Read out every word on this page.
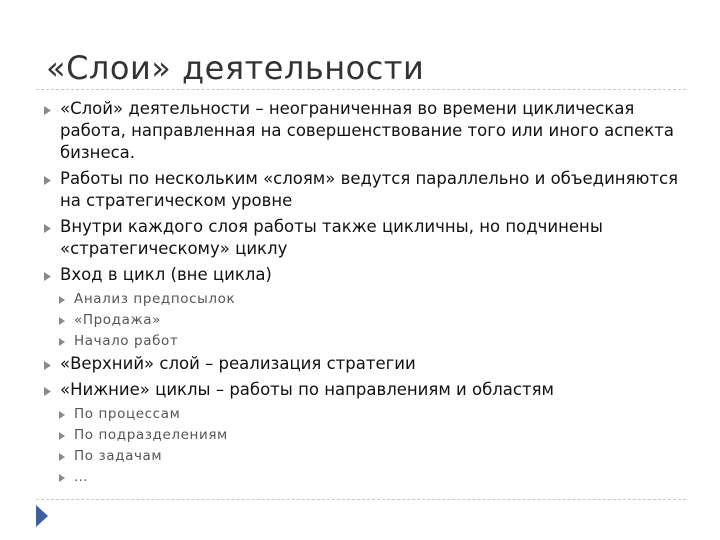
«Слои» деятельности
«Слой» деятельности – неограниченная во времени циклическая работа, направленная на совершенствование того или иного аспекта бизнеса.
Работы по нескольким «слоям» ведутся параллельно и объединяются на стратегическом уровне
Внутри каждого слоя работы также цикличны, но подчинены «стратегическому» циклу
Вход в цикл (вне цикла)
Анализ предпосылок
«Продажа»
Начало работ
«Верхний» слой – реализация стратегии
«Нижние» циклы – работы по направлениям и областям
По процессам
По подразделениям
По задачам
…
